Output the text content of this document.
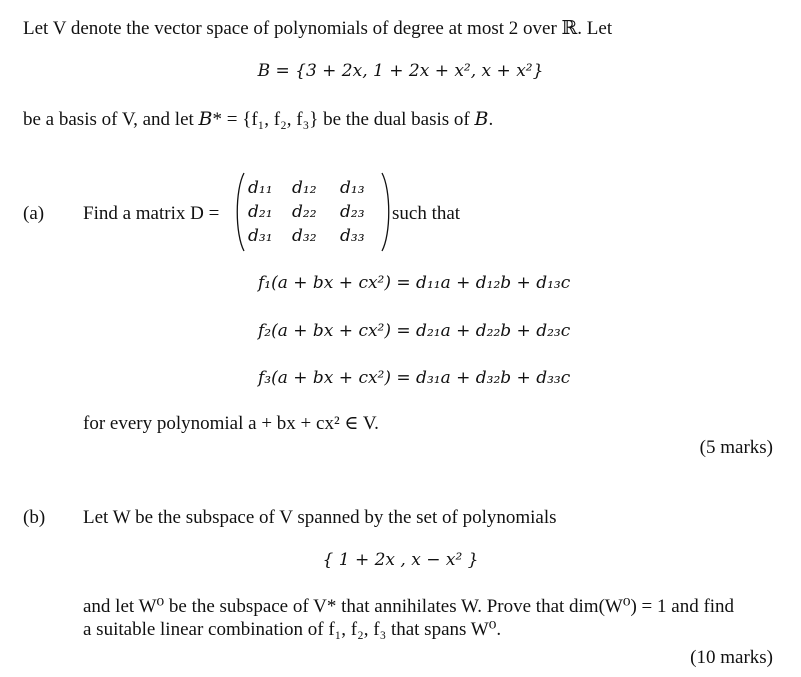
Let V denote the vector space of polynomials of degree at most 2 over ℝ. Let
𝐵 = {3 + 2x, 1 + 2x + x², x + x²}
be a basis of V, and let 𝐵* = {f₁, f₂, f₃} be the dual basis of 𝐵.
(a) Find a matrix D =
d₁₁	d₁₂	d₁₃
d₂₁	d₂₂	d₂₃
d₃₁	d₃₂	d₃₃
such that
f₁(a + bx + cx²) = d₁₁a + d₁₂b + d₁₃c
f₂(a + bx + cx²) = d₂₁a + d₂₂b + d₂₃c
f₃(a + bx + cx²) = d₃₁a + d₃₂b + d₃₃c
for every polynomial a + bx + cx² ∈ V.
(5 marks)
(b) Let W be the subspace of V spanned by the set of polynomials
{ 1 + 2x , x − x² }
and let W⁰ be the subspace of V* that annihilates W. Prove that dim(W⁰) = 1 and find
a suitable linear combination of f₁, f₂, f₃ that spans W⁰.
(10 marks)
